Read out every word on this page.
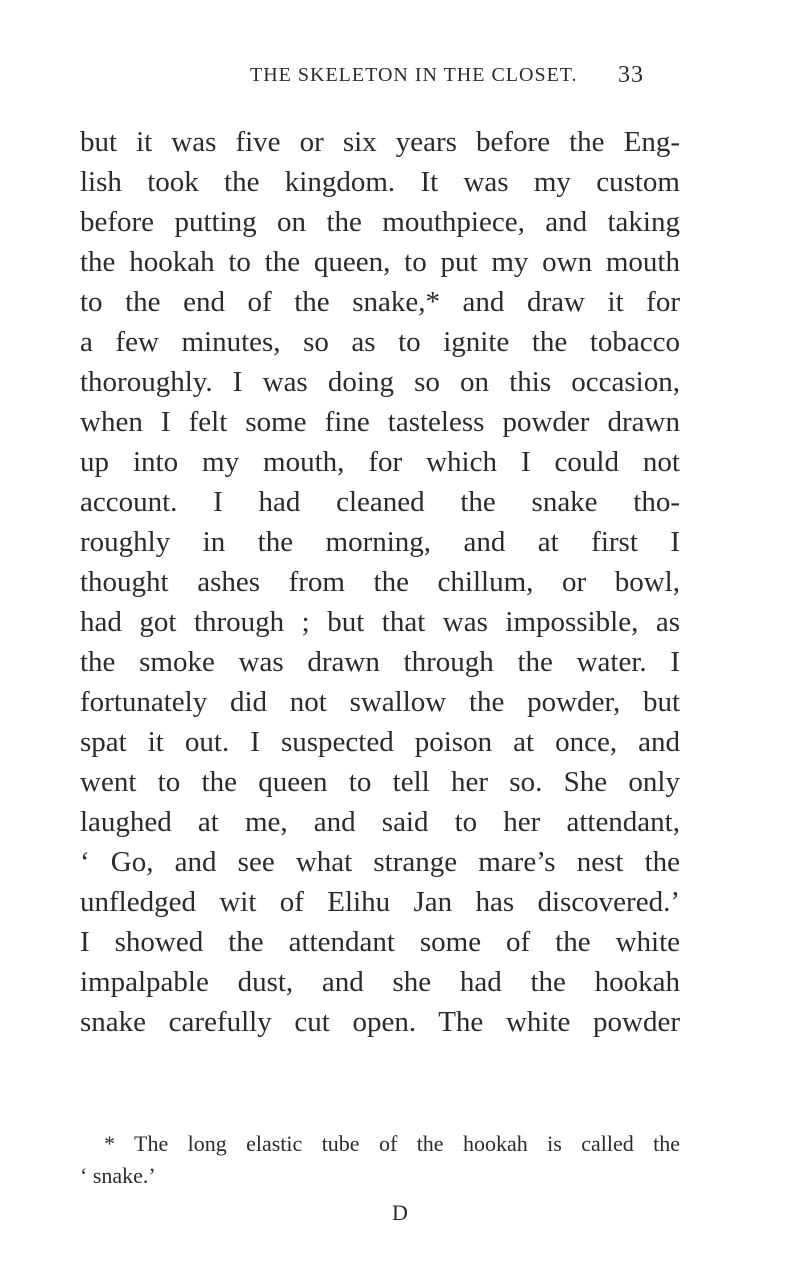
THE SKELETON IN THE CLOSET. 33
but it was five or six years before the Eng-
lish took the kingdom. It was my custom
before putting on the mouthpiece, and taking
the hookah to the queen, to put my own mouth
to the end of the snake,* and draw it for
a few minutes, so as to ignite the tobacco
thoroughly. I was doing so on this occasion,
when I felt some fine tasteless powder drawn
up into my mouth, for which I could not
account. I had cleaned the snake tho-
roughly in the morning, and at first I
thought ashes from the chillum, or bowl,
had got through ; but that was impossible, as
the smoke was drawn through the water. I
fortunately did not swallow the powder, but
spat it out. I suspected poison at once, and
went to the queen to tell her so. She only
laughed at me, and said to her attendant,
‘ Go, and see what strange mare’s nest the
unfledged wit of Elihu Jan has discovered.’
I showed the attendant some of the white
impalpable dust, and she had the hookah
snake carefully cut open. The white powder
* The long elastic tube of the hookah is called the
‘ snake.’
D
